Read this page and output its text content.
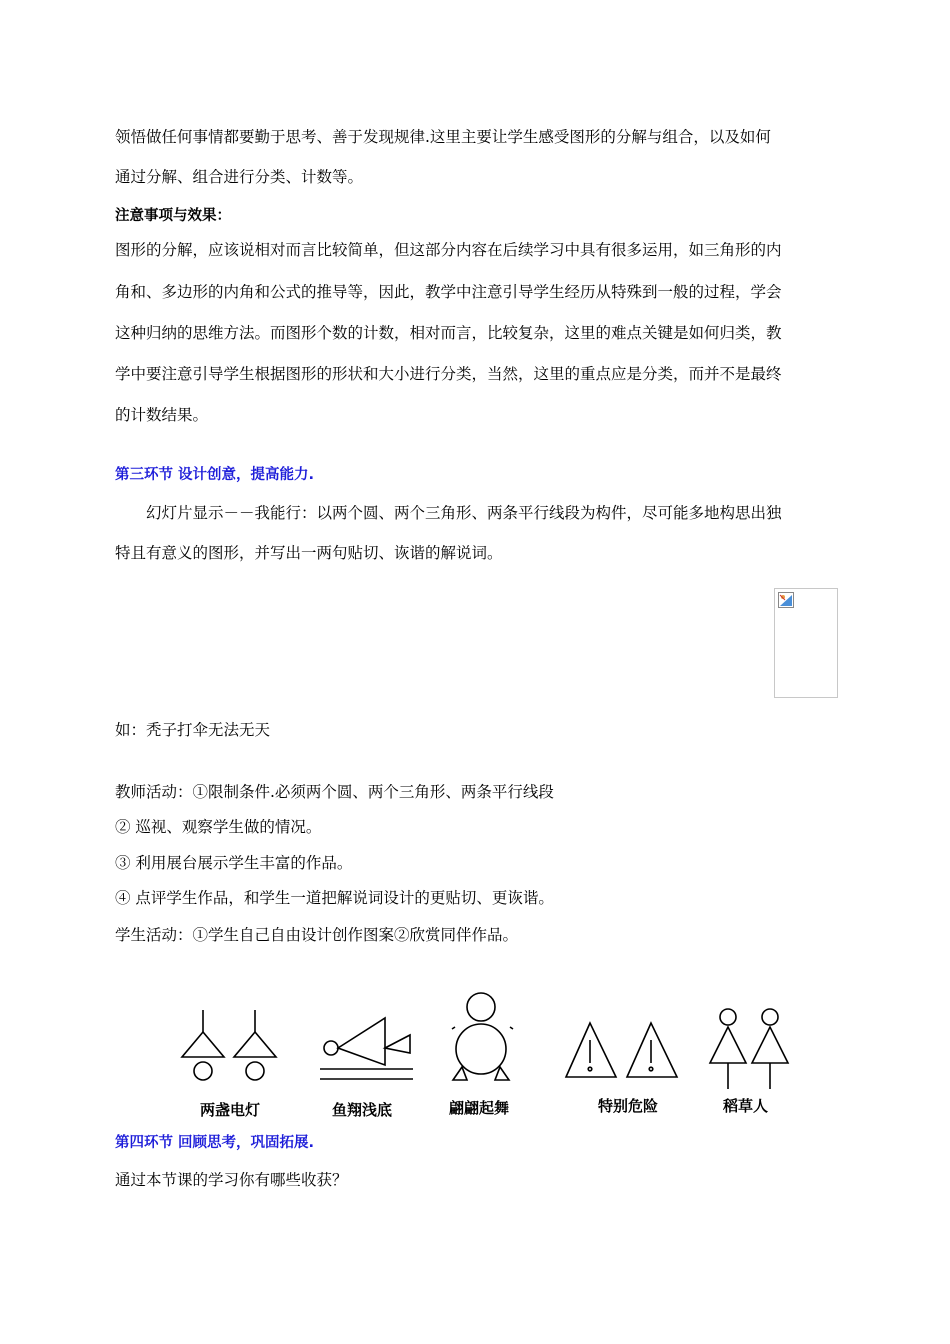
领悟做任何事情都要勤于思考、善于发现规律.这里主要让学生感受图形的分解与组合，以及如何
通过分解、组合进行分类、计数等。
注意事项与效果：
图形的分解，应该说相对而言比较简单，但这部分内容在后续学习中具有很多运用，如三角形的内
角和、多边形的内角和公式的推导等，因此，教学中注意引导学生经历从特殊到一般的过程，学会
这种归纳的思维方法。而图形个数的计数，相对而言，比较复杂，这里的难点关键是如何归类，教
学中要注意引导学生根据图形的形状和大小进行分类，当然，这里的重点应是分类，而并不是最终
的计数结果。
第三环节 设计创意，提高能力.
幻灯片显示－－我能行：以两个圆、两个三角形、两条平行线段为构件，尽可能多地构思出独
特且有意义的图形，并写出一两句贴切、诙谐的解说词。
如：秃子打伞无法无天
教师活动：①限制条件.必须两个圆、两个三角形、两条平行线段
② 巡视、观察学生做的情况。
③ 利用展台展示学生丰富的作品。
④ 点评学生作品，和学生一道把解说词设计的更贴切、更诙谐。
学生活动：①学生自己自由设计创作图案②欣赏同伴作品。
两盏电灯	鱼翔浅底	翩翩起舞	特别危险	稻草人
第四环节 回顾思考，巩固拓展.
通过本节课的学习你有哪些收获？
